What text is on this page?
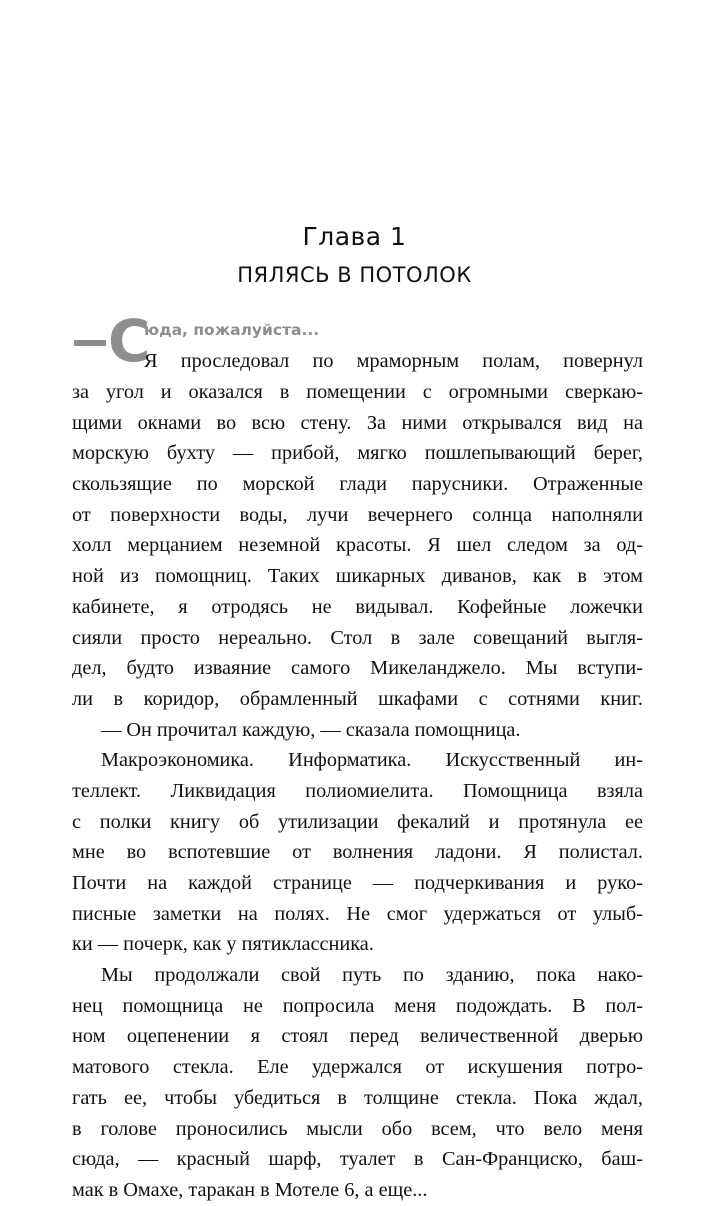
Глава 1
ПЯЛЯСЬ В ПОТОЛОК
С
юда, пожалуйста...
Я проследовал по мраморным полам, повернул
за угол и оказался в помещении с огромными сверкаю-
щими окнами во всю стену. За ними открывался вид на
морскую бухту — прибой, мягко пошлепывающий берег,
скользящие по морской глади парусники. Отраженные
от поверхности воды, лучи вечернего солнца наполняли
холл мерцанием неземной красоты. Я шел следом за од-
ной из помощниц. Таких шикарных диванов, как в этом
кабинете, я отродясь не видывал. Кофейные ложечки
сияли просто нереально. Стол в зале совещаний выгля-
дел, будто изваяние самого Микеланджело. Мы вступи-
ли в коридор, обрамленный шкафами с сотнями книг.
— Он прочитал каждую, — сказала помощница.
Макроэкономика. Информатика. Искусственный ин-
теллект. Ликвидация полиомиелита. Помощница взяла
с полки книгу об утилизации фекалий и протянула ее
мне во вспотевшие от волнения ладони. Я полистал.
Почти на каждой странице — подчеркивания и руко-
писные заметки на полях. Не смог удержаться от улыб-
ки — почерк, как у пятиклассника.
Мы продолжали свой путь по зданию, пока нако-
нец помощница не попросила меня подождать. В пол-
ном оцепенении я стоял перед величественной дверью
матового стекла. Еле удержался от искушения потро-
гать ее, чтобы убедиться в толщине стекла. Пока ждал,
в голове проносились мысли обо всем, что вело меня
сюда, — красный шарф, туалет в Сан-Франциско, баш-
мак в Омахе, таракан в Мотеле 6, а еще...
